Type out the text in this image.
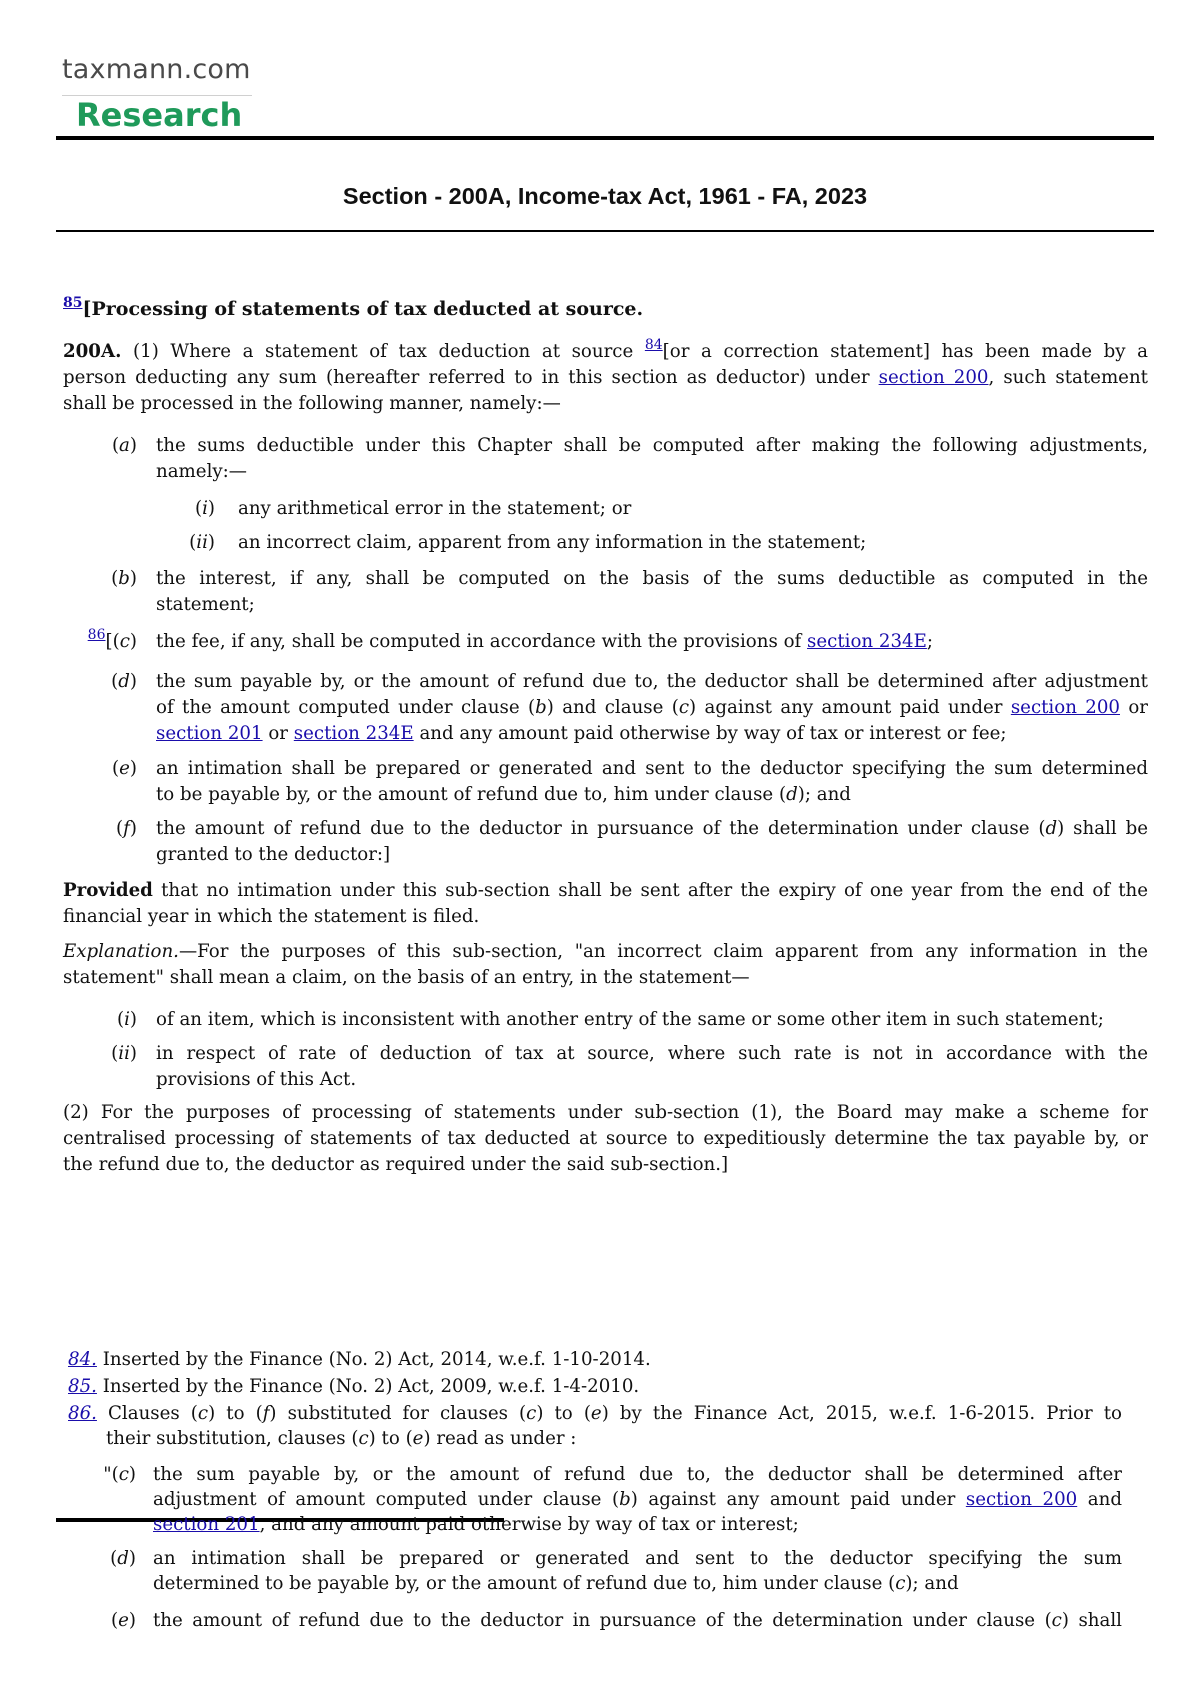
taxmann.com
Research
Section - 200A, Income-tax Act, 1961 - FA, 2023
$^{85}$[Processing of statements of tax deducted at source.
200A. (1) Where a statement of tax deduction at source $^{84}$[or a correction statement] has been made by a
person deducting any sum (hereafter referred to in this section as deductor) under section 200, such statement
shall be processed in the following manner, namely:—
(a) the sums deductible under this Chapter shall be computed after making the following adjustments,
namely:—
(i) any arithmetical error in the statement; or
(ii) an incorrect claim, apparent from any information in the statement;
(b) the interest, if any, shall be computed on the basis of the sums deductible as computed in the
statement;
$^{86}$[(c) the fee, if any, shall be computed in accordance with the provisions of section 234E;
(d) the sum payable by, or the amount of refund due to, the deductor shall be determined after adjustment
of the amount computed under clause (b) and clause (c) against any amount paid under section 200 or
section 201 or section 234E and any amount paid otherwise by way of tax or interest or fee;
(e) an intimation shall be prepared or generated and sent to the deductor specifying the sum determined
to be payable by, or the amount of refund due to, him under clause (d); and
(f) the amount of refund due to the deductor in pursuance of the determination under clause (d) shall be
granted to the deductor:]
Provided that no intimation under this sub-section shall be sent after the expiry of one year from the end of the
financial year in which the statement is filed.
Explanation.—For the purposes of this sub-section, "an incorrect claim apparent from any information in the
statement" shall mean a claim, on the basis of an entry, in the statement—
(i) of an item, which is inconsistent with another entry of the same or some other item in such statement;
(ii) in respect of rate of deduction of tax at source, where such rate is not in accordance with the
provisions of this Act.
(2) For the purposes of processing of statements under sub-section (1), the Board may make a scheme for
centralised processing of statements of tax deducted at source to expeditiously determine the tax payable by, or
the refund due to, the deductor as required under the said sub-section.]
84. Inserted by the Finance (No. 2) Act, 2014, w.e.f. 1-10-2014.
85. Inserted by the Finance (No. 2) Act, 2009, w.e.f. 1-4-2010.
86. Clauses (c) to (f) substituted for clauses (c) to (e) by the Finance Act, 2015, w.e.f. 1-6-2015. Prior to
their substitution, clauses (c) to (e) read as under :
"(c) the sum payable by, or the amount of refund due to, the deductor shall be determined after
adjustment of amount computed under clause (b) against any amount paid under section 200 and
section 201, and any amount paid otherwise by way of tax or interest;
(d) an intimation shall be prepared or generated and sent to the deductor specifying the sum
determined to be payable by, or the amount of refund due to, him under clause (c); and
(e) the amount of refund due to the deductor in pursuance of the determination under clause (c) shall
